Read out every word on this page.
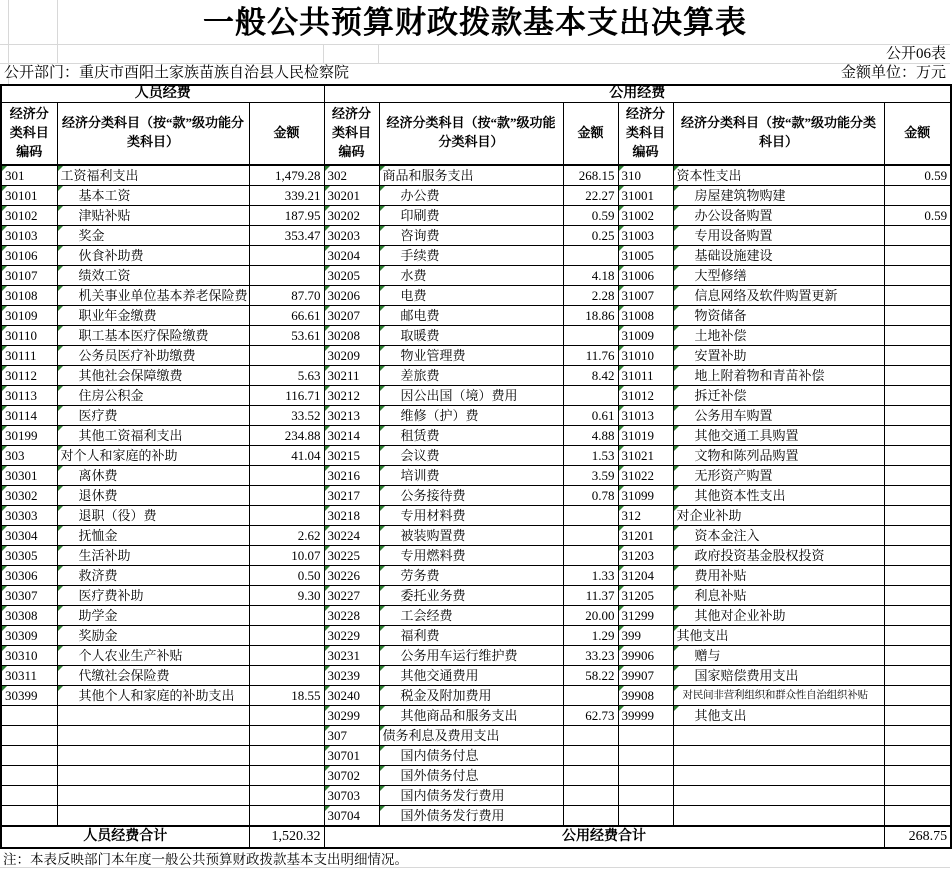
一般公共预算财政拨款基本支出决算表
公开06表
公开部门：重庆市酉阳土家族苗族自治县人民检察院	金额单位：万元
人员经费			公用经费					
经济分类科目编码	经济分类科目（按“款”级功能分类科目）	金额	经济分类科目编码	经济分类科目（按“款”级功能分类科目）	金额	经济分类科目编码	经济分类科目（按“款”级功能分类科目）	金额
301	工资福利支出	1,479.28	302	商品和服务支出	268.15	310	资本性支出	0.59
30101	基本工资	339.21	30201	办公费	22.27	31001	房屋建筑物购建	
30102	津贴补贴	187.95	30202	印刷费	0.59	31002	办公设备购置	0.59
30103	奖金	353.47	30203	咨询费	0.25	31003	专用设备购置	
30106	伙食补助费		30204	手续费		31005	基础设施建设	
30107	绩效工资		30205	水费	4.18	31006	大型修缮	
30108	机关事业单位基本养老保险费	87.70	30206	电费	2.28	31007	信息网络及软件购置更新	
30109	职业年金缴费	66.61	30207	邮电费	18.86	31008	物资储备	
30110	职工基本医疗保险缴费	53.61	30208	取暖费		31009	土地补偿	
30111	公务员医疗补助缴费		30209	物业管理费	11.76	31010	安置补助	
30112	其他社会保障缴费	5.63	30211	差旅费	8.42	31011	地上附着物和青苗补偿	
30113	住房公积金	116.71	30212	因公出国（境）费用		31012	拆迁补偿	
30114	医疗费	33.52	30213	维修（护）费	0.61	31013	公务用车购置	
30199	其他工资福利支出	234.88	30214	租赁费	4.88	31019	其他交通工具购置	
303	对个人和家庭的补助	41.04	30215	会议费	1.53	31021	文物和陈列品购置	
30301	离休费		30216	培训费	3.59	31022	无形资产购置	
30302	退休费		30217	公务接待费	0.78	31099	其他资本性支出	
30303	退职（役）费		30218	专用材料费		312	对企业补助	
30304	抚恤金	2.62	30224	被装购置费		31201	资本金注入	
30305	生活补助	10.07	30225	专用燃料费		31203	政府投资基金股权投资	
30306	救济费	0.50	30226	劳务费	1.33	31204	费用补贴	
30307	医疗费补助	9.30	30227	委托业务费	11.37	31205	利息补贴	
30308	助学金		30228	工会经费	20.00	31299	其他对企业补助	
30309	奖励金		30229	福利费	1.29	399	其他支出	
30310	个人农业生产补贴		30231	公务用车运行维护费	33.23	39906	赠与	
30311	代缴社会保险费		30239	其他交通费用	58.22	39907	国家赔偿费用支出	
30399	其他个人和家庭的补助支出	18.55	30240	税金及附加费用		39908	对民间非营利组织和群众性自治组织补贴	
			30299	其他商品和服务支出	62.73	39999	其他支出	
			307	债务利息及费用支出				
			30701	国内债务付息				
			30702	国外债务付息				
			30703	国内债务发行费用				
			30704	国外债务发行费用				
人员经费合计		1,520.32	公用经费合计					268.75
注：本表反映部门本年度一般公共预算财政拨款基本支出明细情况。
